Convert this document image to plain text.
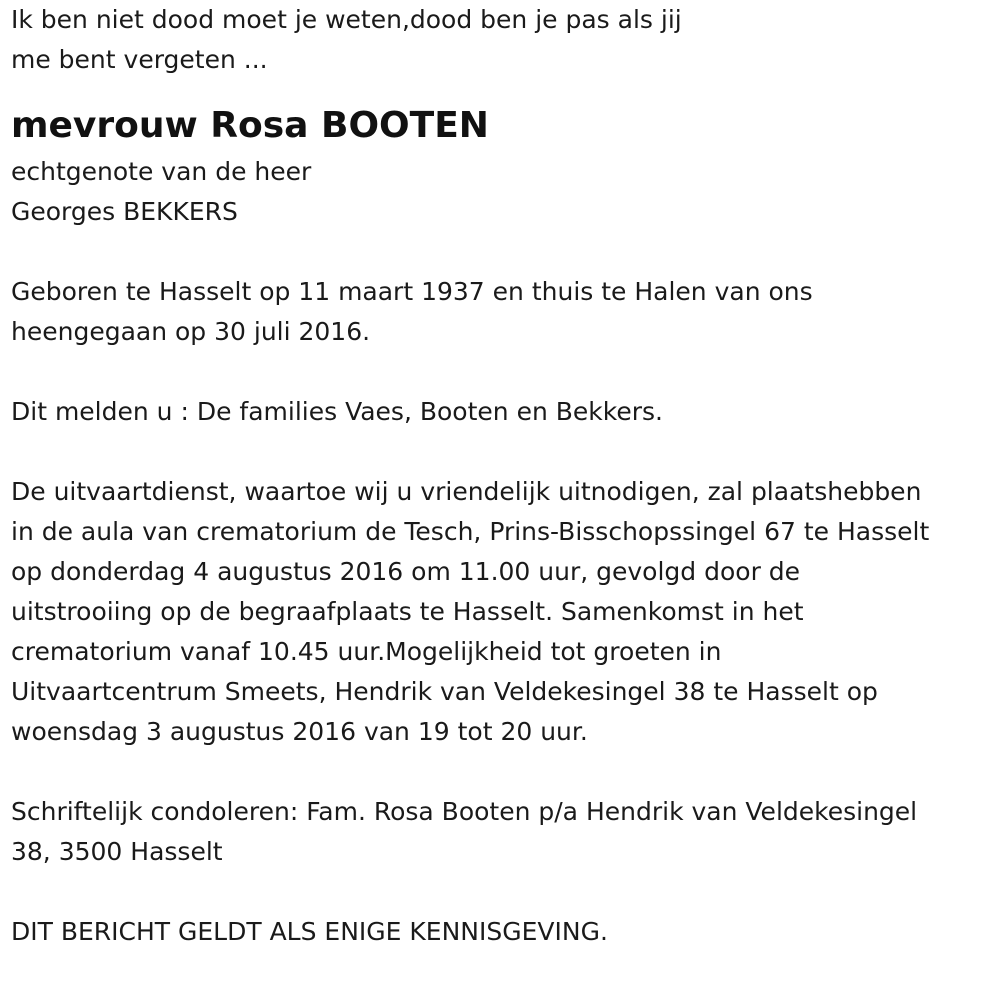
Ik ben niet dood moet je weten,dood ben je pas als jij
me bent vergeten ...
mevrouw Rosa BOOTEN
echtgenote van de heer
Georges BEKKERS
Geboren te Hasselt op 11 maart 1937 en thuis te Halen van ons
heengegaan op 30 juli 2016.
Dit melden u : De families Vaes, Booten en Bekkers.
De uitvaartdienst, waartoe wij u vriendelijk uitnodigen, zal plaatshebben
in de aula van crematorium de Tesch, Prins-Bisschopssingel 67 te Hasselt
op donderdag 4 augustus 2016 om 11.00 uur, gevolgd door de
uitstrooiing op de begraafplaats te Hasselt. Samenkomst in het
crematorium vanaf 10.45 uur.Mogelijkheid tot groeten in
Uitvaartcentrum Smeets, Hendrik van Veldekesingel 38 te Hasselt op
woensdag 3 augustus 2016 van 19 tot 20 uur.
Schriftelijk condoleren: Fam. Rosa Booten p/a Hendrik van Veldekesingel
38, 3500 Hasselt
DIT BERICHT GELDT ALS ENIGE KENNISGEVING.
